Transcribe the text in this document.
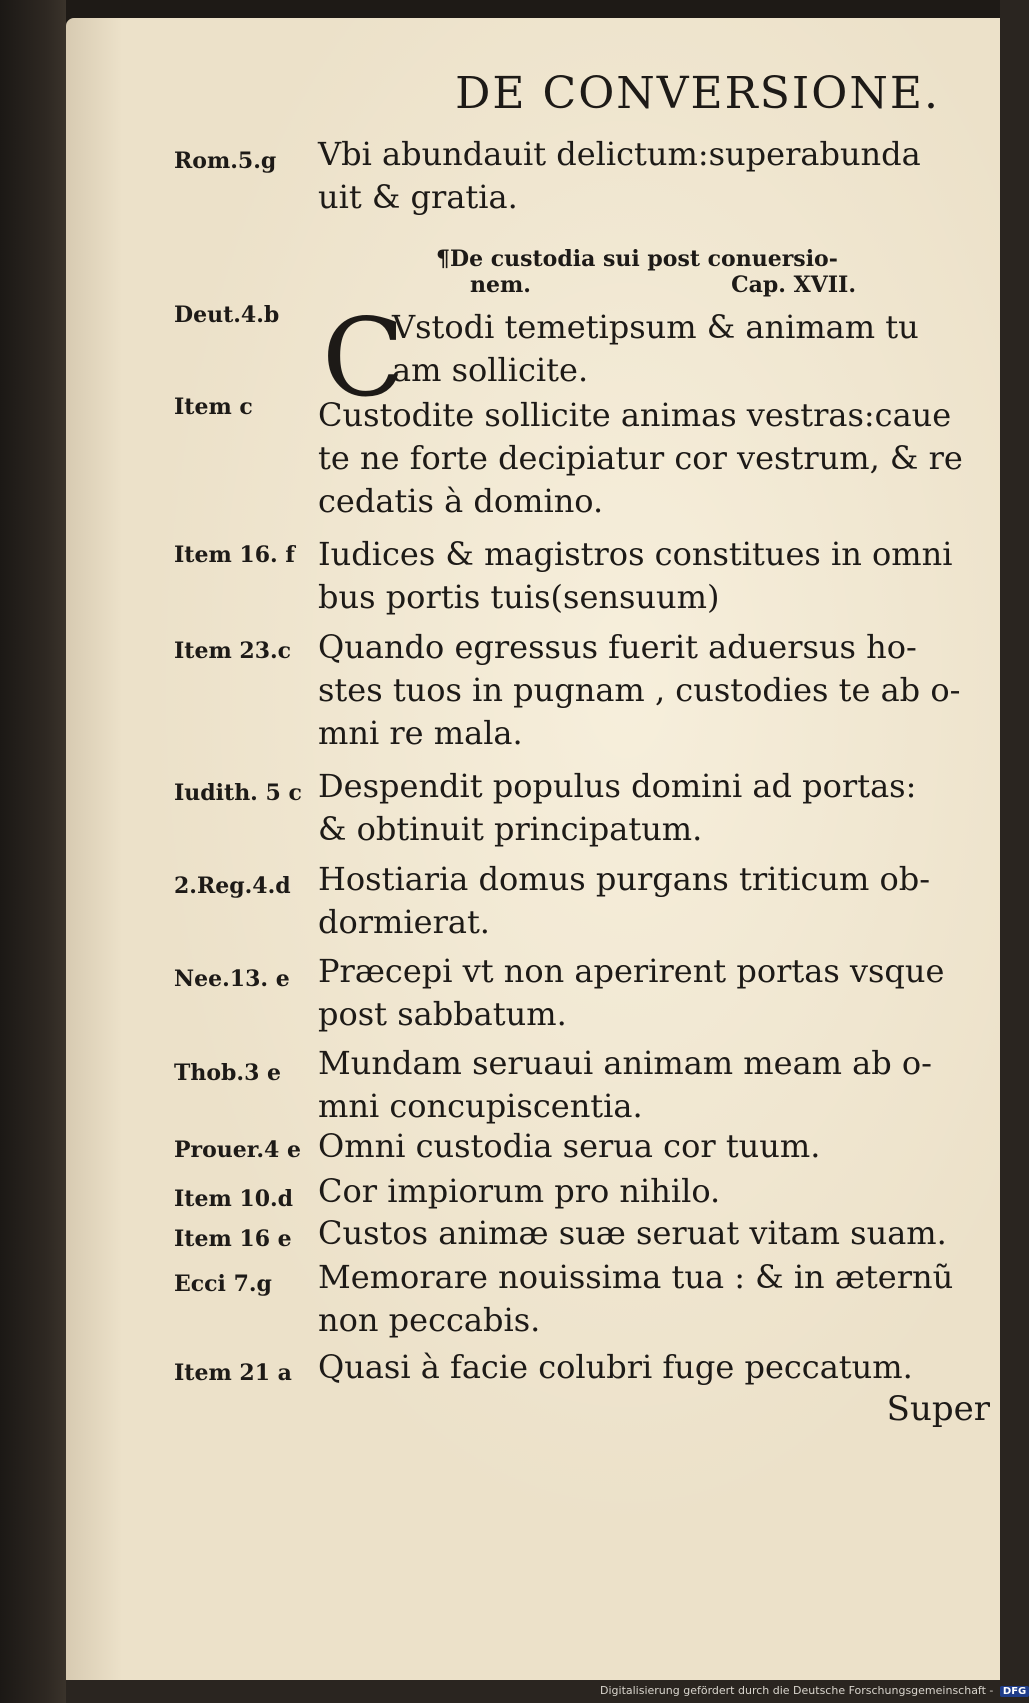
DE CONVERSIONE.
Rom.5.g	Vbi abundauit delictum:superabunda
uit & gratia.
¶De custodia sui post conuersio-
nem.	Cap. XVII.
Deut.4.b C
Vstodi temetipsum & animam tu
am sollicite.
Item c	Custodite sollicite animas vestras:caue
te ne forte decipiatur cor vestrum, & re
cedatis à domino.
Item 16. f Iudices & magistros constitues in omni
bus portis tuis(sensuum)
Item 23.c Quando egressus fuerit aduersus ho-
stes tuos in pugnam , custodies te ab o-
mni re mala.
Iudith. 5 c Despendit populus domini ad portas:
& obtinuit principatum.
2.Reg.4.d Hostiaria domus purgans triticum ob-
dormierat.
Nee.13. e Præcepi vt non aperirent portas vsque
post sabbatum.
Thob.3 e	Mundam seruaui animam meam ab o-
mni concupiscentia.
Prouer.4 e Omni custodia serua cor tuum.
Item 10.d Cor impiorum pro nihilo.
Item 16 e Custos animæ suæ seruat vitam suam.
Ecci 7.g	Memorare nouissima tua : & in æternũ
non peccabis.
Item 21 a Quasi à facie colubri fuge peccatum.
Super
Digitalisierung gefördert durch die Deutsche Forschungsgemeinschaft - DFG
